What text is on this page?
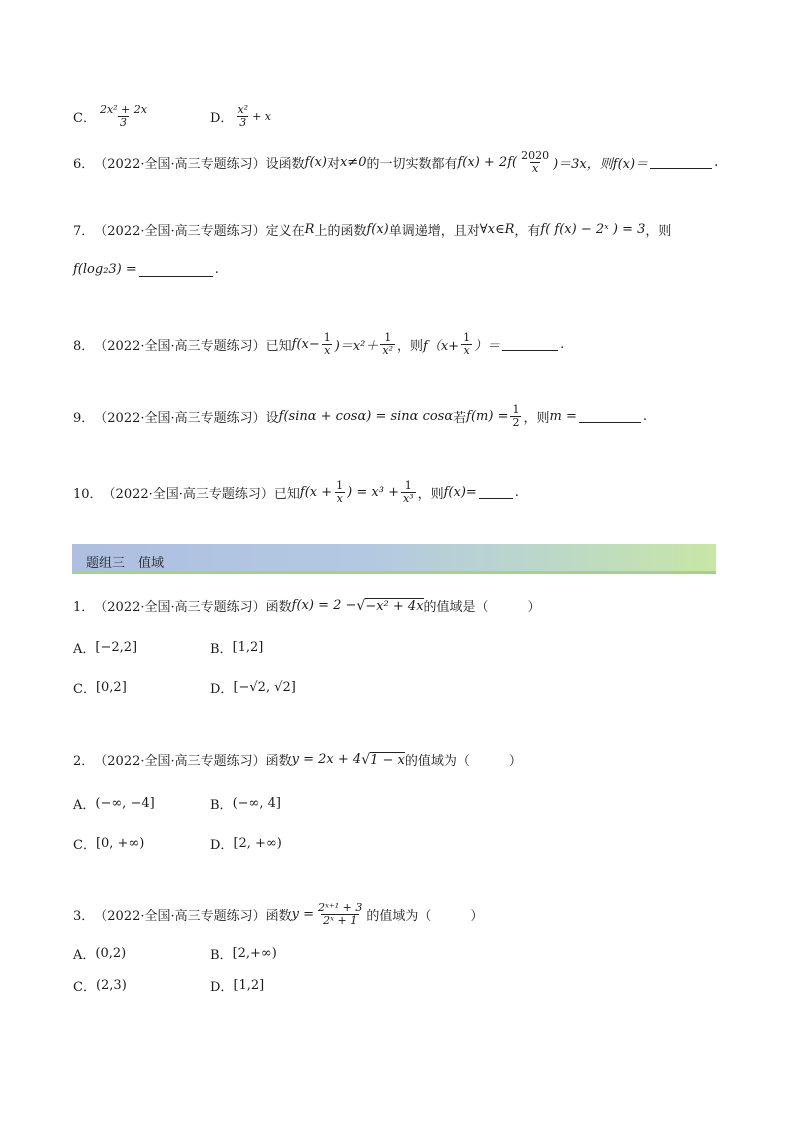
C． $\frac{\text{2x² + 2x}}{3}$	D． $\frac{\text{x²}}{3} + x$
6． （2022·全国·高三专题练习） 设函数 f(x) 对 x≠0 的一切实数都有 $f(x) + 2f( \frac{2020}{x} )=3x$，则 f(x)＝	.
7． （2022·全国·高三专题练习） 定义在 R 上的函数 f(x) 单调递增，且对 ∀x∈R ，有 f( f(x) − 2ˣ ) = 3 ，则
f(log₂3) =	.
8． （2022·全国·高三专题练习） 已知 $f(x- \frac{1}{x} )=x^2+ \frac{1}{\text{x²}}$ ，则 $f(x+ \frac{1}{x}$ ）＝	.
9． （2022·全国·高三专题练习） 设 f(sinα + cosα) = sinα cosα 若 $f(m) = \frac{1}{2}$ ，则 m =	.
10． （2022·全国·高三专题练习） 已知 $f(x + \frac{1}{x}$ ) = $x^3 + \frac{1}{\text{x³}}$ ，则 f(x)=	.
题组三　值域
1． （2022·全国·高三专题练习） 函数 f(x) = 2 − √ −x² + 4x 的值域是（　　　）
A． [−2,2]	B． [1,2]
C． [0,2]	D． [−√2, √2]
2． （2022·全国·高三专题练习） 函数 y = 2x + 4 √ 1 − x 的值域为（　　　）
A． (−∞, −4]	B． (−∞, 4]
C． [0, +∞)	D． [2, +∞)
3． （2022·全国·高三专题练习） 函数 $y = \frac{\text{2ˣ⁺¹ + 3}}{\text{2ˣ + 1}}$ 的值域为（　　　）
A． (0,2)	B． [2,+∞)
C． (2,3)	D． [1,2]
